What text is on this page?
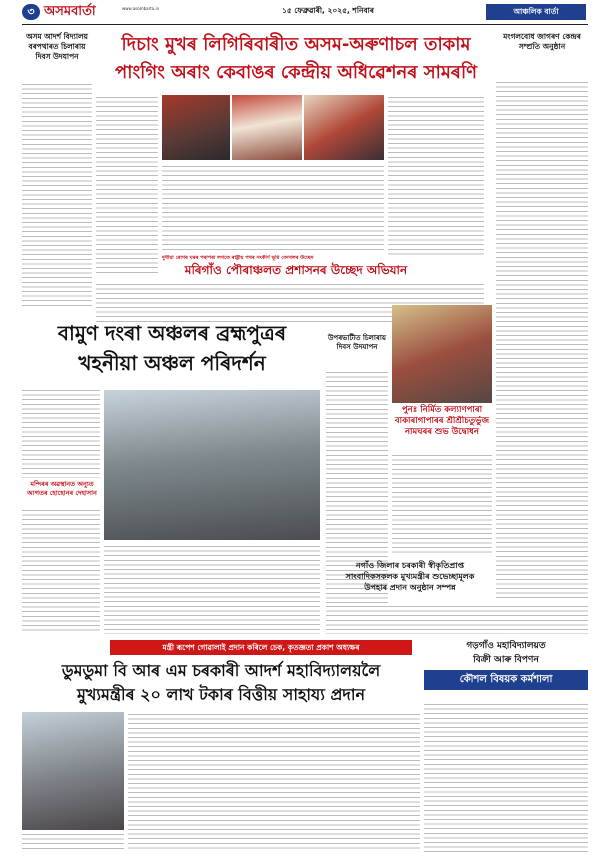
৩ অসমবাৰ্তা	www.asombarta.in	১৫ ফেব্ৰুৱাৰী, ২০২৫, শনিবাৰ	আঞ্চলিক বাৰ্তা
অসম আদৰ্শ বিদ্যালয় বৰপথাৰত চিলাৰায় দিবস উদযাপন
দিচাং মুখৰ লিগিৰিবাৰীত অসম-অৰুণাচল তাকাম
পাংগিং অৰাং কেবাঙৰ কেন্দ্ৰীয় অধিৱেশনৰ সামৰণি
দুখীয়া ৰোগৰ ঘৰৰ পৰাপৰা লগতে ৰাষ্ট্ৰীয় পথৰ সংকীৰ্ণ ভূমি বেদখলৰ উচ্ছেদ
মৰিগাঁও পৌৰাঞ্চলত প্ৰশাসনৰ উচ্ছেদ অভিযান
মংগলবোধ জাগৰণ কেন্দ্ৰৰ সম্প্ৰতি অনুষ্ঠান
বামুণ দংৰা অঞ্চলৰ ব্ৰহ্মপুত্ৰৰ
খহনীয়া অঞ্চল পৰিদৰ্শন
মন্দিৰৰ অৱস্থানত অন্যুত আগতৰ হোহোনৰ দেহাসান
উপৰভাটীত চিলাৰায় দিবস উদযাপন
পুনঃ নিৰ্মিত কল্যাণপাৰা
বাকাৰাগাপাৰৰ শ্ৰীশ্ৰীচতুৰ্ভুজ
নামঘৰৰ শুভ উদ্বোধন
নগাঁও জিলাৰ চৰকাৰী স্বীকৃতিপ্ৰাপ্ত
সাংবাদিকসকলক মুখ্যমন্ত্ৰীৰ শুভেচ্ছামূলক
উপহাৰ প্ৰদান অনুষ্ঠান সম্পন্ন
মন্ত্ৰী ৰূপেশ গোৱালাই প্ৰদান কৰিলে চেক, কৃতজ্ঞতা প্ৰকাশ অধ্যক্ষৰ
ডুমডুমা বি আৰ এম চৰকাৰী আদৰ্শ মহাবিদ্যালয়লৈ
মুখ্যমন্ত্ৰীৰ ২০ লাখ টকাৰ বিত্তীয় সাহায্য প্ৰদান
গড়গাঁও মহাবিদ্যালয়ত
বিক্ৰী আৰু বিপণন
কৌশল বিষয়ক কৰ্মশালা
